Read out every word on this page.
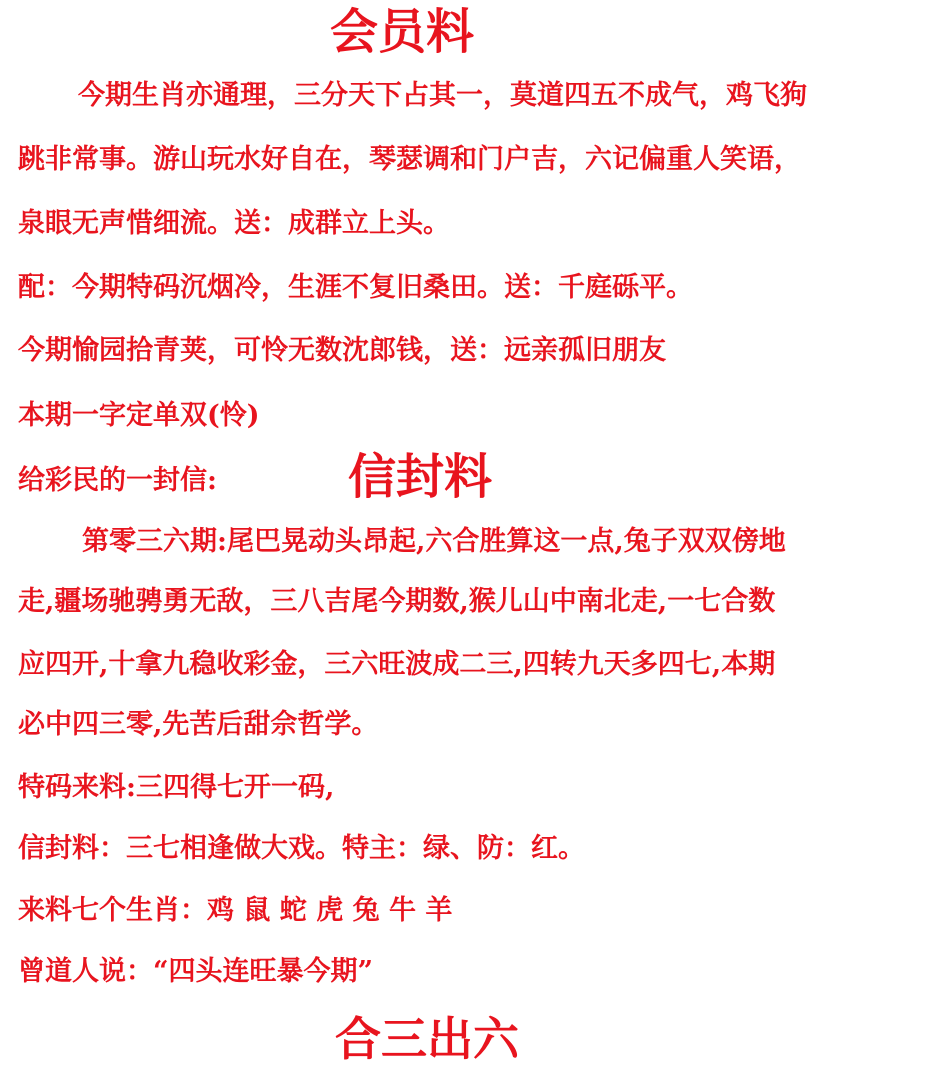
会员料
今期生肖亦通理，三分天下占其一，莫道四五不成气，鸡飞狗
跳非常事。游山玩水好自在，琴瑟调和门户吉，六记偏重人笑语，
泉眼无声惜细流。送：成群立上头。
配：今期特码沉烟冷，生涯不复旧桑田。送：千庭砾平。
今期愉园拾青荚，可怜无数沈郎钱，送：远亲孤旧朋友
本期一字定单双(怜)
给彩民的一封信:	信封料
第零三六期:尾巴晃动头昂起,六合胜算这一点,兔子双双傍地
走,疆场驰骋勇无敌，三八吉尾今期数,猴儿山中南北走,一七合数
应四开,十拿九稳收彩金，三六旺波成二三,四转九天多四七,本期
必中四三零,先苦后甜佘哲学。
特码来料:三四得七开一码,
信封料：三七相逢做大戏。特主：绿、防：红。
来料七个生肖：鸡 鼠 蛇 虎 兔 牛 羊
曾道人说：“四头连旺暴今期”
合三出六
